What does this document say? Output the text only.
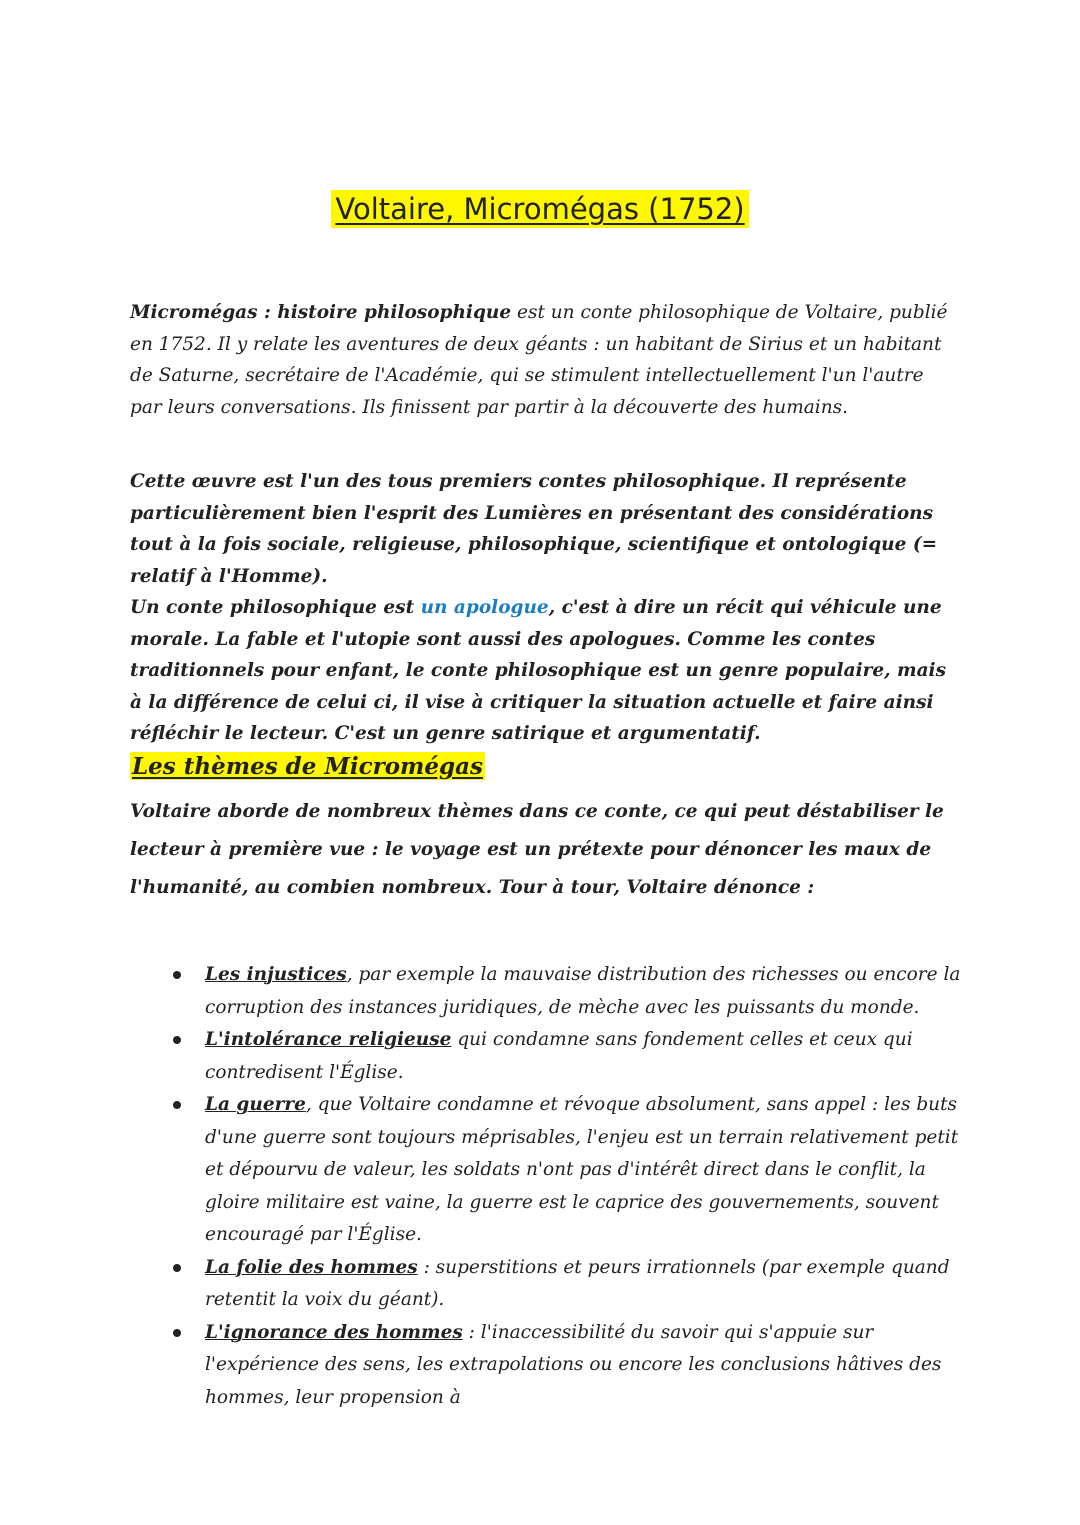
Voltaire, Micromégas (1752)

Micromégas : histoire philosophique est un conte philosophique de Voltaire, publié en 1752. Il y relate les aventures de deux géants : un habitant de Sirius et un habitant de Saturne, secrétaire de l'Académie, qui se stimulent intellectuellement l'un l'autre par leurs conversations. Ils finissent par partir à la découverte des humains.

Cette œuvre est l'un des tous premiers contes philosophique. Il représente particulièrement bien l'esprit des Lumières en présentant des considérations tout à la fois sociale, religieuse, philosophique, scientifique et ontologique (= relatif à l'Homme).

Un conte philosophique est un apologue, c'est à dire un récit qui véhicule une morale. La fable et l'utopie sont aussi des apologues. Comme les contes traditionnels pour enfant, le conte philosophique est un genre populaire, mais à la différence de celui ci, il vise à critiquer la situation actuelle et faire ainsi réfléchir le lecteur. C'est un genre satirique et argumentatif.

Les thèmes de Micromégas

Voltaire aborde de nombreux thèmes dans ce conte, ce qui peut déstabiliser le lecteur à première vue : le voyage est un prétexte pour dénoncer les maux de l'humanité, au combien nombreux. Tour à tour, Voltaire dénonce :

Les injustices, par exemple la mauvaise distribution des richesses ou encore la corruption des instances juridiques, de mèche avec les puissants du monde.
L'intolérance religieuse qui condamne sans fondement celles et ceux qui contredisent l'Église.
La guerre, que Voltaire condamne et révoque absolument, sans appel : les buts d'une guerre sont toujours méprisables, l'enjeu est un terrain relativement petit et dépourvu de valeur, les soldats n'ont pas d'intérêt direct dans le conflit, la gloire militaire est vaine, la guerre est le caprice des gouvernements, souvent encouragé par l'Église.
La folie des hommes : superstitions et peurs irrationnels (par exemple quand retentit la voix du géant).
L'ignorance des hommes : l'inaccessibilité du savoir qui s'appuie sur l'expérience des sens, les extrapolations ou encore les conclusions hâtives des hommes, leur propension à
